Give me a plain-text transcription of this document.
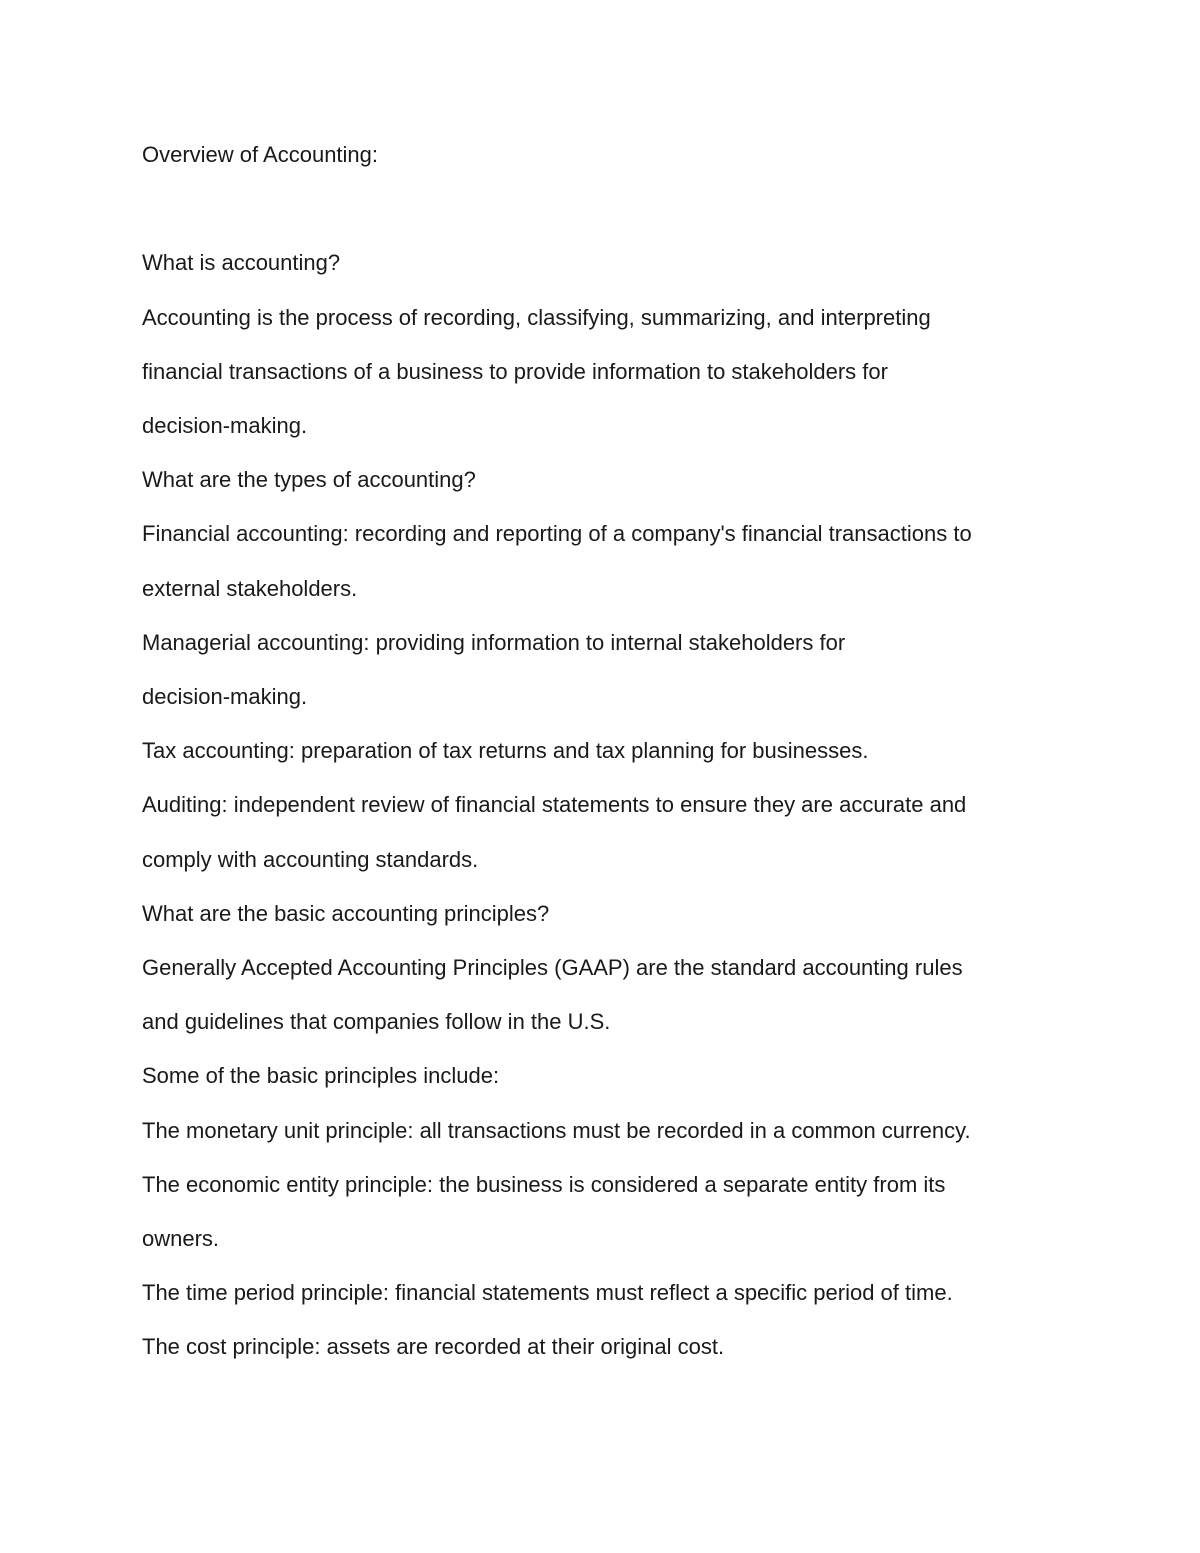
Overview of Accounting:

What is accounting?

Accounting is the process of recording, classifying, summarizing, and interpreting

financial transactions of a business to provide information to stakeholders for

decision-making.

What are the types of accounting?

Financial accounting: recording and reporting of a company's financial transactions to

external stakeholders.

Managerial accounting: providing information to internal stakeholders for

decision-making.

Tax accounting: preparation of tax returns and tax planning for businesses.

Auditing: independent review of financial statements to ensure they are accurate and

comply with accounting standards.

What are the basic accounting principles?

Generally Accepted Accounting Principles (GAAP) are the standard accounting rules

and guidelines that companies follow in the U.S.

Some of the basic principles include:

The monetary unit principle: all transactions must be recorded in a common currency.

The economic entity principle: the business is considered a separate entity from its

owners.

The time period principle: financial statements must reflect a specific period of time.

The cost principle: assets are recorded at their original cost.
